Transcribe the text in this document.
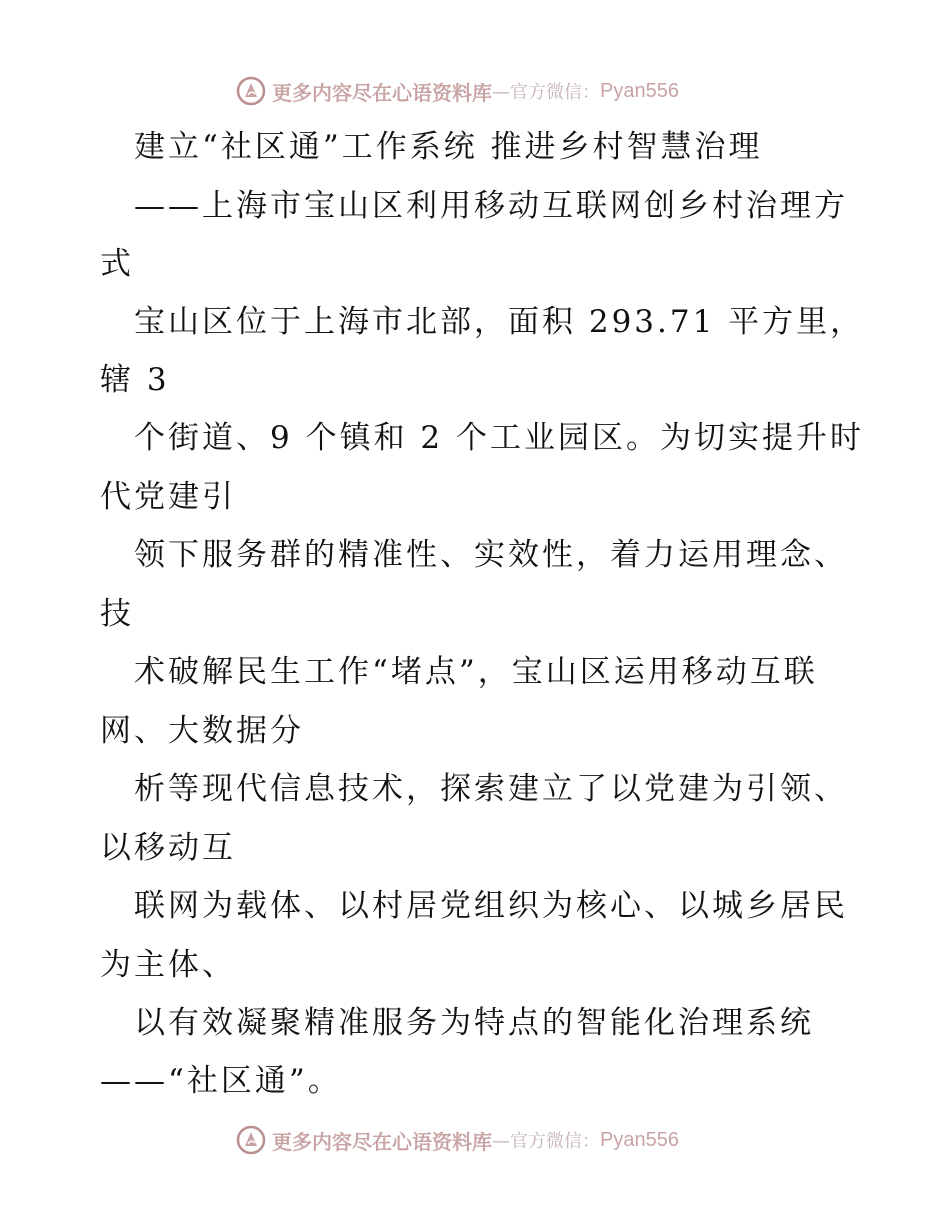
更多内容尽在心语资料库 —官方微信： Pyan556
建立“社区通”工作系统 推进乡村智慧治理
——上海市宝山区利用移动互联网创乡村治理方
式
宝山区位于上海市北部，面积 293.71 平方里，
辖 3
个街道、9 个镇和 2 个工业园区。为切实提升时
代党建引
领下服务群的精准性、实效性，着力运用理念、
技
术破解民生工作“堵点”，宝山区运用移动互联
网、大数据分
析等现代信息技术，探索建立了以党建为引领、
以移动互
联网为载体、以村居党组织为核心、以城乡居民
为主体、
以有效凝聚精准服务为特点的智能化治理系统
——“社区通”。
更多内容尽在心语资料库 —官方微信： Pyan556
